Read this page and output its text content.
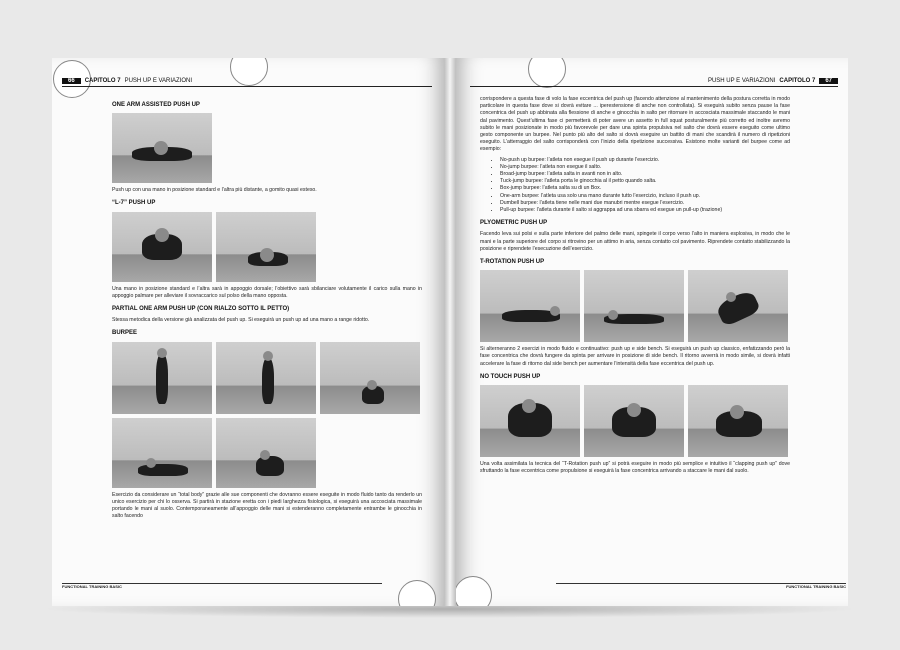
66	CAPITOLO 7 PUSH UP E VARIAZIONI
ONE ARM ASSISTED PUSH UP

Push up con una mano in posizione standard e l’altra più distante, a gomito quasi esteso.

“L-7” PUSH UP

Una mano in posizione standard e l’altra sarà in appoggio dorsale; l’obiettivo sarà sbilanciare volutamente il carico sulla mano in appoggio palmare per alleviare il sovraccarico sul polso della mano opposta.

PARTIAL ONE ARM PUSH UP (CON RIALZO SOTTO IL PETTO)

Stessa metodica della versione già analizzata del push up. Si eseguirà un push up ad una mano a range ridotto.

BURPEE

Esercizio da considerare un “total body” grazie alle sue componenti che dovranno essere eseguite in modo fluido tanto da renderlo un unico esercizio per chi lo osserva. Si partirà in stazione eretta con i piedi larghezza fisiologica, si eseguirà una accosciata massimale portando le mani al suolo. Contemporaneamente all’appoggio delle mani si estenderanno completamente entrambe le ginocchia in salto facendo

FUNCTIONAL TRAINING BASIC
PUSH UP E VARIAZIONI CAPITOLO 7	67

corrispondere a questa fase di volo la fase eccentrica del push up (facendo attenzione al mantenimento della postura corretta in modo particolare in questa fase dove si dovrà evitare ... iperestensione di anche non controllata). Si eseguirà subito senza pause la fase concentrica del push up abbinata alla flessione di anche e ginocchia in salto per ritornare in accosciata massimale staccando le mani dal pavimento. Quest’ultima fase ci permetterà di poter avere un assetto in full squat posturalmente più corretto ed inoltre avremo subito le mani posizionate in modo più favorevole per dare una spinta propulsiva nel salto che dovrà essere eseguito come ultimo gesto componente un burpee. Nel punto più alto del salto si dovrà eseguire un battito di mani che scandirà il numero di ripetizioni eseguito. L’atterraggio del salto corrisponderà con l’inizio della ripetizione successiva. Esistono molte varianti del burpee come ad esempio:

• No-push up burpee: l’atleta non esegue il push up durante l’esercizio.
• No-jump burpee: l’atleta non esegue il salto.
• Broad-jump burpee: l’atleta salta in avanti non in alto.
• Tuck-jump burpee: l’atleta porta le ginocchia al il petto quando salta.
• Box-jump burpee: l’atleta salta su di un Box.
• One-arm burpee: l’atleta usa solo una mano durante tutto l’esercizio, incluso il push up.
• Dumbell burpee: l’atleta tiene nelle mani due manubri mentre esegue l’esercizio.
• Pull-up burpee: l’atleta durante il salto si aggrappa ad una sbarra ed esegue un pull-up (trazione)
PLYOMETRIC PUSH UP

Facendo leva sui polsi e sulla parte inferiore del palmo delle mani, spingete il corpo verso l’alto in maniera esplosiva, in modo che le mani e la parte superiore del corpo si ritrovino per un attimo in aria, senza contatto col pavimento. Riprendete contatto stabilizzando la posizione e riprendete l’esecuzione dell’esercizio.

T-ROTATION PUSH UP

Si alterneranno 2 esercizi in modo fluido e continuativo: push up e side bench. Si eseguirà un push up classico, enfatizzando però la fase concentrica che dovrà fungere da spinta per arrivare in posizione di side bench. Il ritorno avverrà in modo simile, si dovrà infatti accelerare la fase di ritorno dal side bench per aumentare l’intensità della fase eccentrica del push up.

NO TOUCH PUSH UP

Una volta assimilata la tecnica del “T-Rotation push up” si potrà eseguire in modo più semplice e intuitivo il “clapping push up” dove sfruttando la fase eccentrica come propulsione si eseguirà la fase concentrica arrivando a staccare le mani dal suolo.

FUNCTIONAL TRAINING BASIC
